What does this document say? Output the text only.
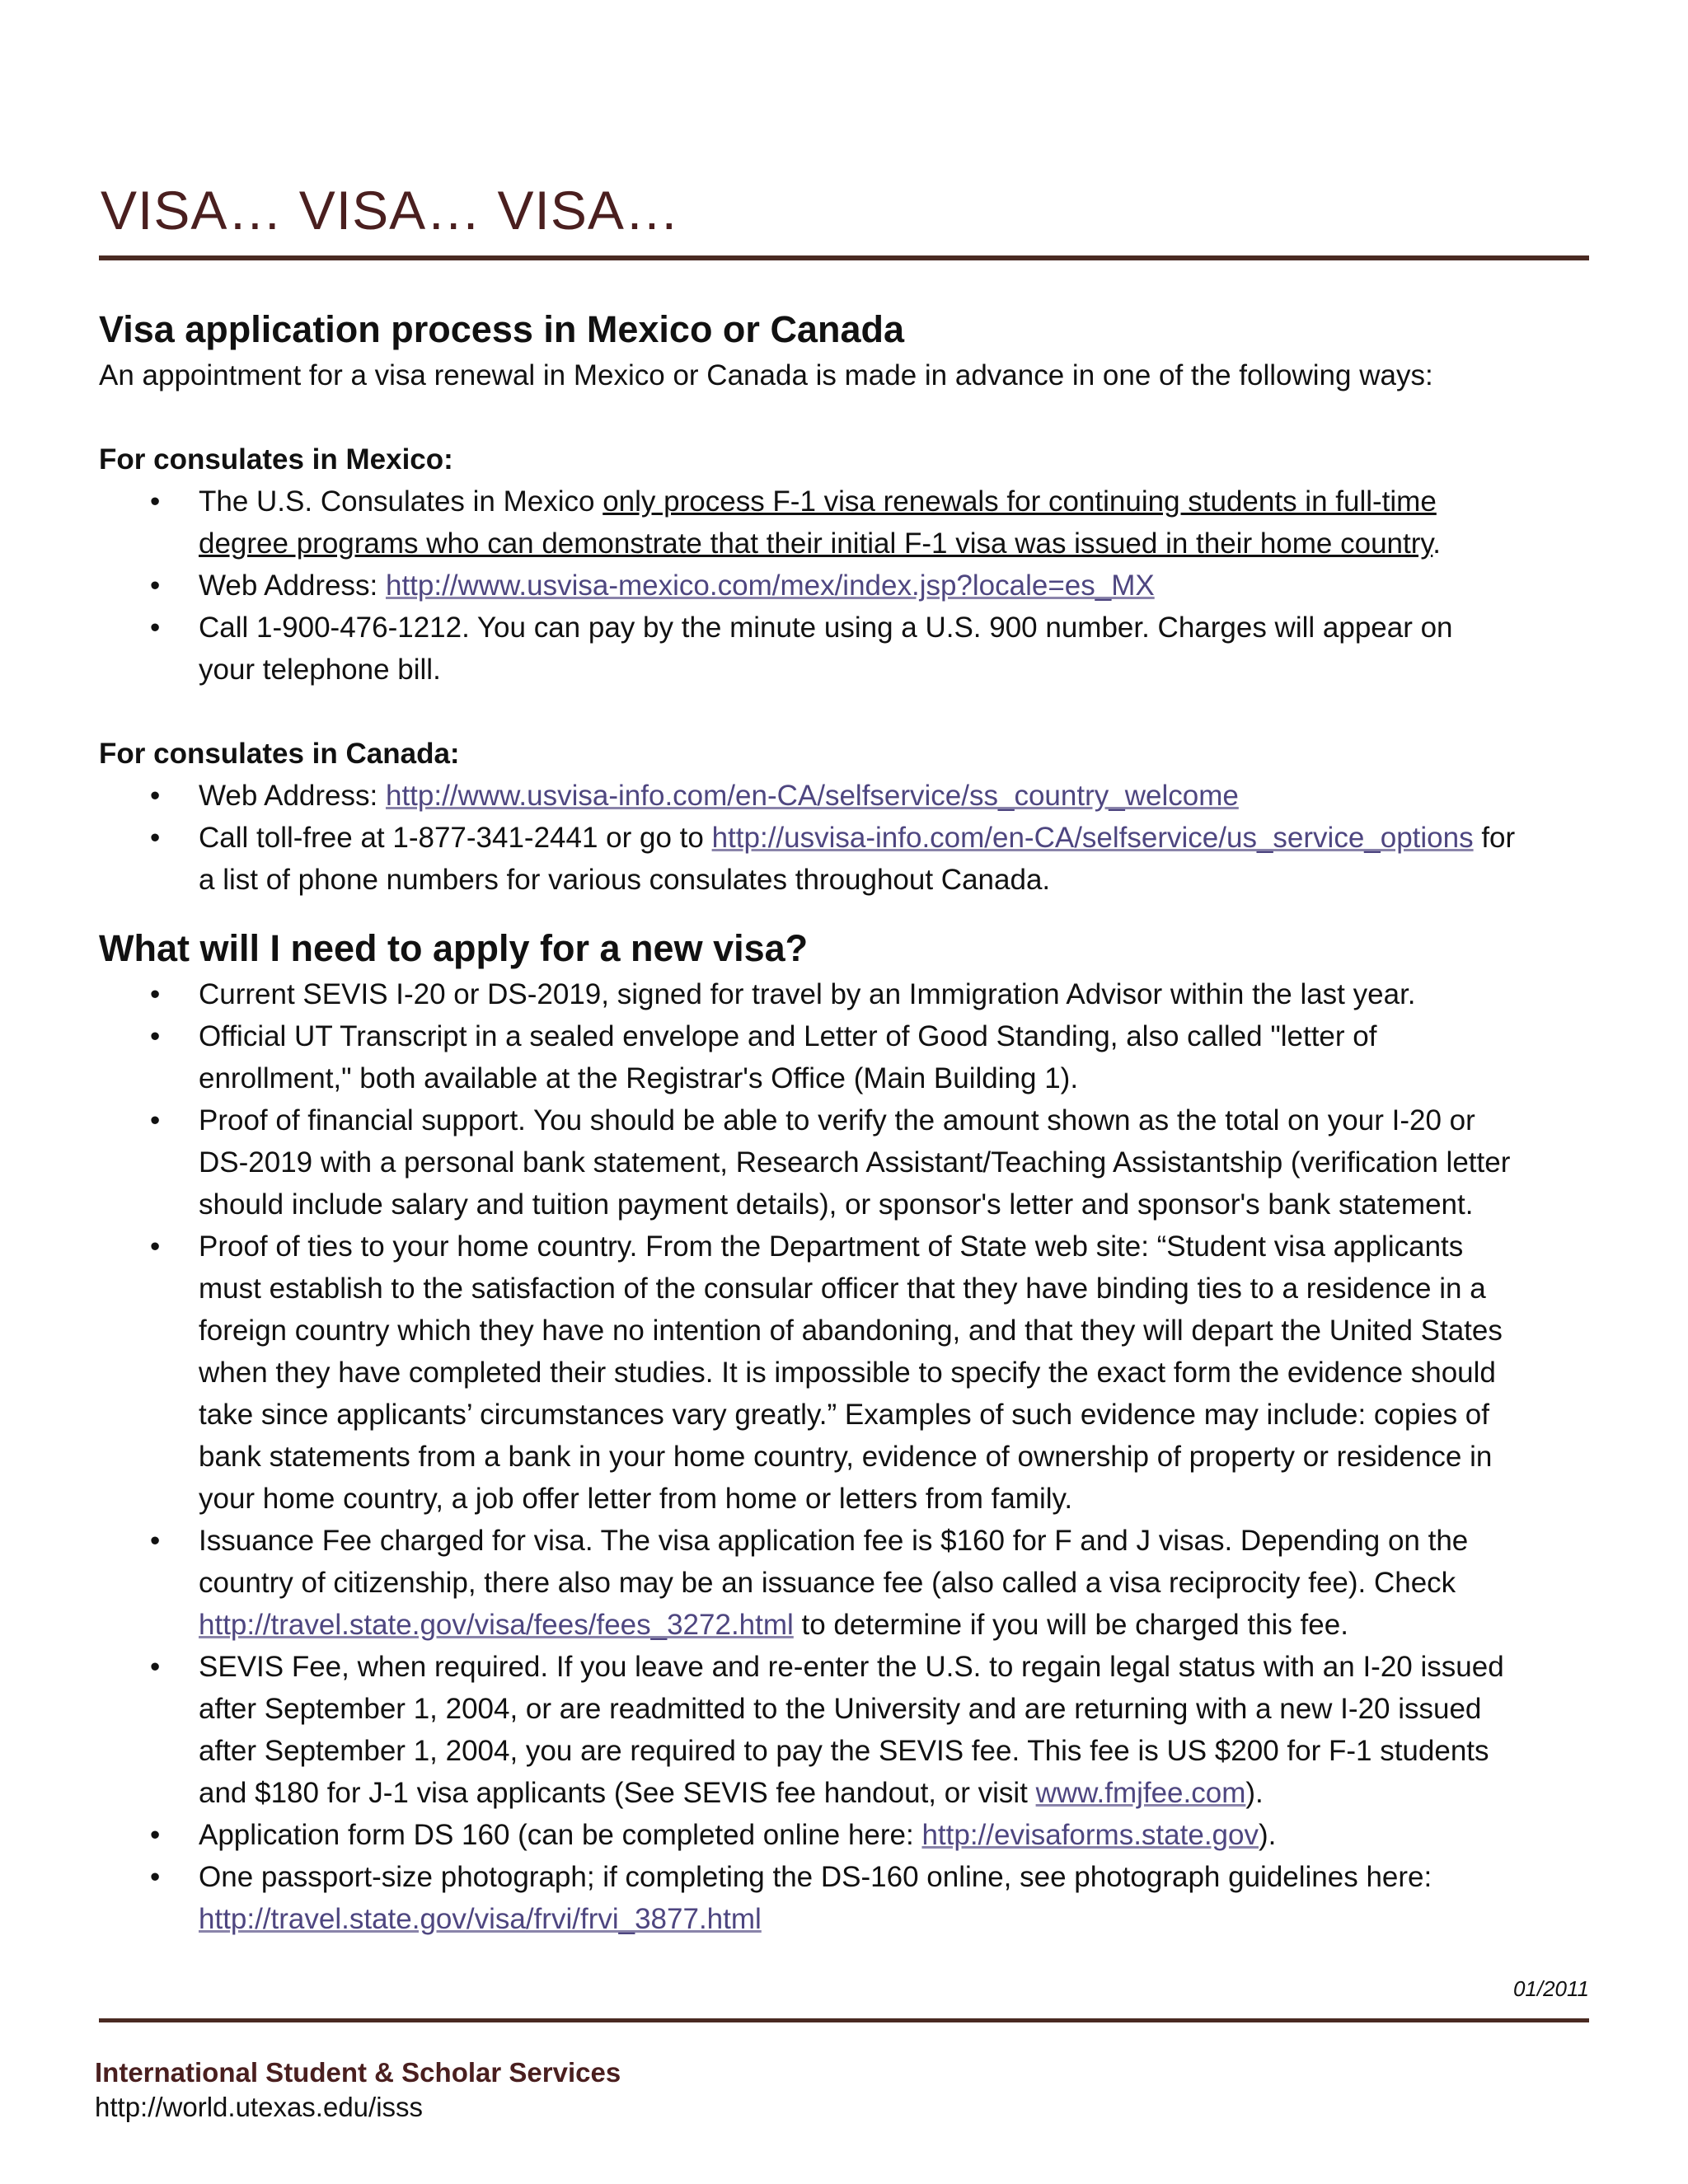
VISA… VISA… VISA…
Visa application process in Mexico or Canada

An appointment for a visa renewal in Mexico or Canada is made in advance in one of the following ways:

For consulates in Mexico:
• The U.S. Consulates in Mexico only process F-1 visa renewals for continuing students in full-time
degree programs who can demonstrate that their initial F-1 visa was issued in their home country.
• Web Address: http://www.usvisa-mexico.com/mex/index.jsp?locale=es_MX
• Call 1-900-476-1212. You can pay by the minute using a U.S. 900 number. Charges will appear on
your telephone bill.
For consulates in Canada:
• Web Address: http://www.usvisa-info.com/en-CA/selfservice/ss_country_welcome
• Call toll-free at 1-877-341-2441 or go to http://usvisa-info.com/en-CA/selfservice/us_service_options for
a list of phone numbers for various consulates throughout Canada.
What will I need to apply for a new visa?
• Current SEVIS I-20 or DS-2019, signed for travel by an Immigration Advisor within the last year.
• Official UT Transcript in a sealed envelope and Letter of Good Standing, also called "letter of
enrollment," both available at the Registrar's Office (Main Building 1).
• Proof of financial support. You should be able to verify the amount shown as the total on your I-20 or
DS-2019 with a personal bank statement, Research Assistant/Teaching Assistantship (verification letter
should include salary and tuition payment details), or sponsor's letter and sponsor's bank statement.
• Proof of ties to your home country. From the Department of State web site: “Student visa applicants
must establish to the satisfaction of the consular officer that they have binding ties to a residence in a
foreign country which they have no intention of abandoning, and that they will depart the United States
when they have completed their studies. It is impossible to specify the exact form the evidence should
take since applicants’ circumstances vary greatly.” Examples of such evidence may include: copies of
bank statements from a bank in your home country, evidence of ownership of property or residence in
your home country, a job offer letter from home or letters from family.
• Issuance Fee charged for visa. The visa application fee is $160 for F and J visas. Depending on the
country of citizenship, there also may be an issuance fee (also called a visa reciprocity fee). Check
http://travel.state.gov/visa/fees/fees_3272.html to determine if you will be charged this fee.
• SEVIS Fee, when required. If you leave and re-enter the U.S. to regain legal status with an I-20 issued
after September 1, 2004, or are readmitted to the University and are returning with a new I-20 issued
after September 1, 2004, you are required to pay the SEVIS fee. This fee is US $200 for F-1 students
and $180 for J-1 visa applicants (See SEVIS fee handout, or visit www.fmjfee.com).
• Application form DS 160 (can be completed online here: http://evisaforms.state.gov).
• One passport-size photograph; if completing the DS-160 online, see photograph guidelines here:
http://travel.state.gov/visa/frvi/frvi_3877.html
01/2011
International Student & Scholar Services
http://world.utexas.edu/isss
